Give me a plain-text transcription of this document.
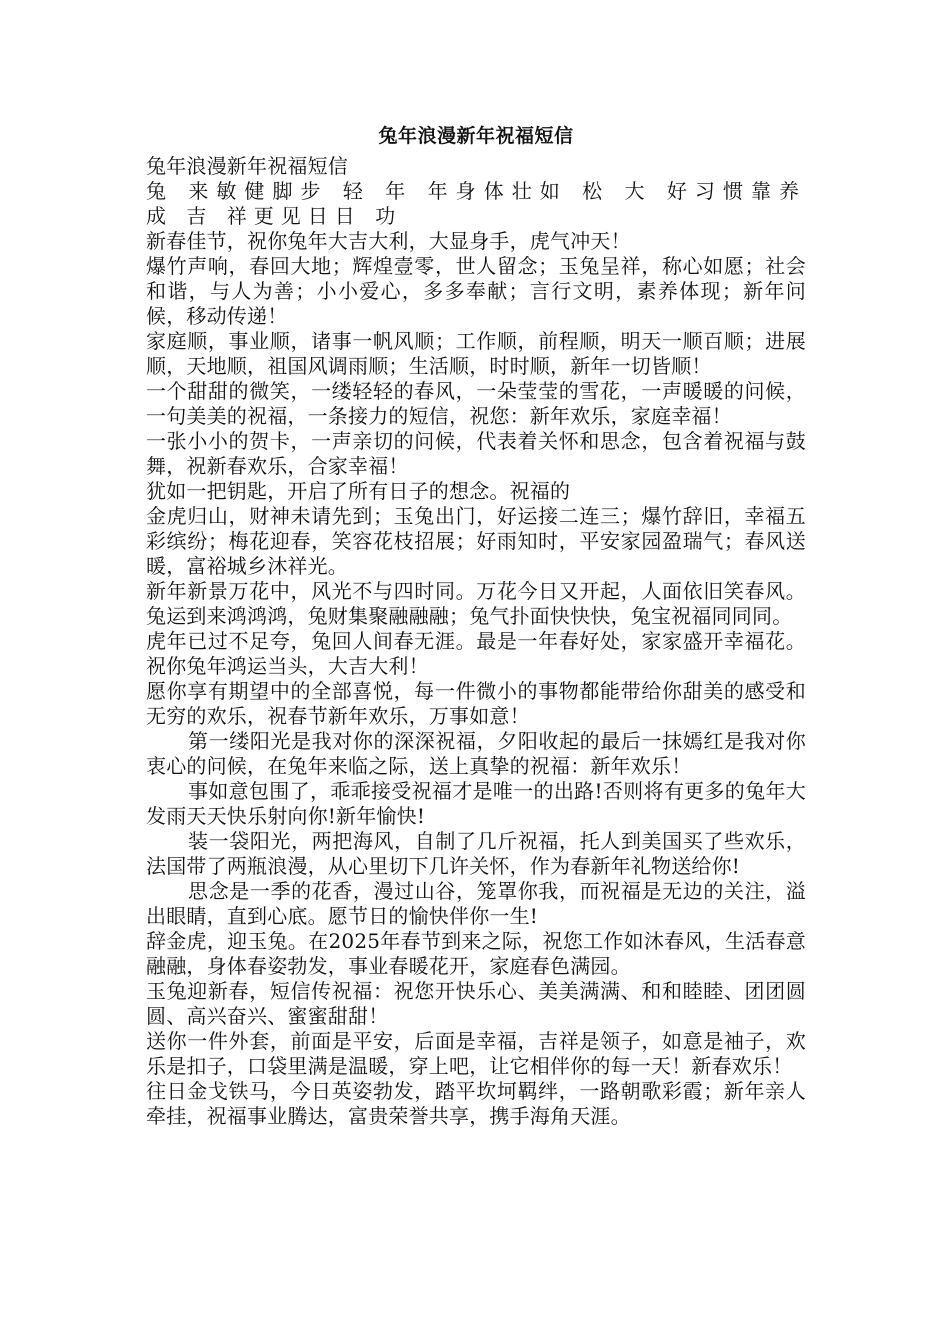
兔年浪漫新年祝福短信

兔年浪漫新年祝福短信

兔 来敏健脚步 轻 年 年身体壮如 松 大 好习惯靠养 成 吉 祥更见日日 功

新春佳节，祝你兔年大吉大利，大显身手，虎气冲天！

爆竹声响，春回大地；辉煌壹零，世人留念；玉兔呈祥，称心如愿；社会和谐，与人为善；小小爱心，多多奉献；言行文明，素养体现；新年问候，移动传递！

家庭顺，事业顺，诸事一帆风顺；工作顺，前程顺，明天一顺百顺；进展顺，天地顺，祖国风调雨顺；生活顺，时时顺，新年一切皆顺！

一个甜甜的微笑，一缕轻轻的春风，一朵莹莹的雪花，一声暖暖的问候，一句美美的祝福，一条接力的短信，祝您：新年欢乐，家庭幸福！

一张小小的贺卡，一声亲切的问候，代表着关怀和思念，包含着祝福与鼓舞，祝新春欢乐，合家幸福！

犹如一把钥匙，开启了所有日子的想念。祝福的

金虎归山，财神未请先到；玉兔出门，好运接二连三；爆竹辞旧，幸福五彩缤纷；梅花迎春，笑容花枝招展；好雨知时，平安家园盈瑞气；春风送暖，富裕城乡沐祥光。

新年新景万花中，风光不与四时同。万花今日又开起，人面依旧笑春风。兔运到来鸿鸿鸿，兔财集聚融融融；兔气扑面快快快，兔宝祝福同同同。

虎年已过不足夸，兔回人间春无涯。最是一年春好处，家家盛开幸福花。祝你兔年鸿运当头，大吉大利！

愿你享有期望中的全部喜悦，每一件微小的事物都能带给你甜美的感受和无穷的欢乐，祝春节新年欢乐，万事如意！

第一缕阳光是我对你的深深祝福，夕阳收起的最后一抹嫣红是我对你衷心的问候，在兔年来临之际，送上真挚的祝福：新年欢乐！

事如意包围了，乖乖接受祝福才是唯一的出路!否则将有更多的兔年大发雨天天快乐射向你!新年愉快!

装一袋阳光，两把海风，自制了几斤祝福，托人到美国买了些欢乐，法国带了两瓶浪漫，从心里切下几许关怀，作为春新年礼物送给你!

思念是一季的花香，漫过山谷，笼罩你我，而祝福是无边的关注，溢出眼睛，直到心底。愿节日的愉快伴你一生!

辞金虎，迎玉兔。在2025年春节到来之际，祝您工作如沐春风，生活春意融融，身体春姿勃发，事业春暖花开，家庭春色满园。

玉兔迎新春，短信传祝福：祝您开快乐心、美美满满、和和睦睦、团团圆圆、高兴奋兴、蜜蜜甜甜！

送你一件外套，前面是平安，后面是幸福，吉祥是领子，如意是袖子，欢乐是扣子，口袋里满是温暖，穿上吧，让它相伴你的每一天！新春欢乐！

往日金戈铁马，今日英姿勃发，踏平坎坷羁绊，一路朝歌彩霞；新年亲人牵挂，祝福事业腾达，富贵荣誉共享，携手海角天涯。
